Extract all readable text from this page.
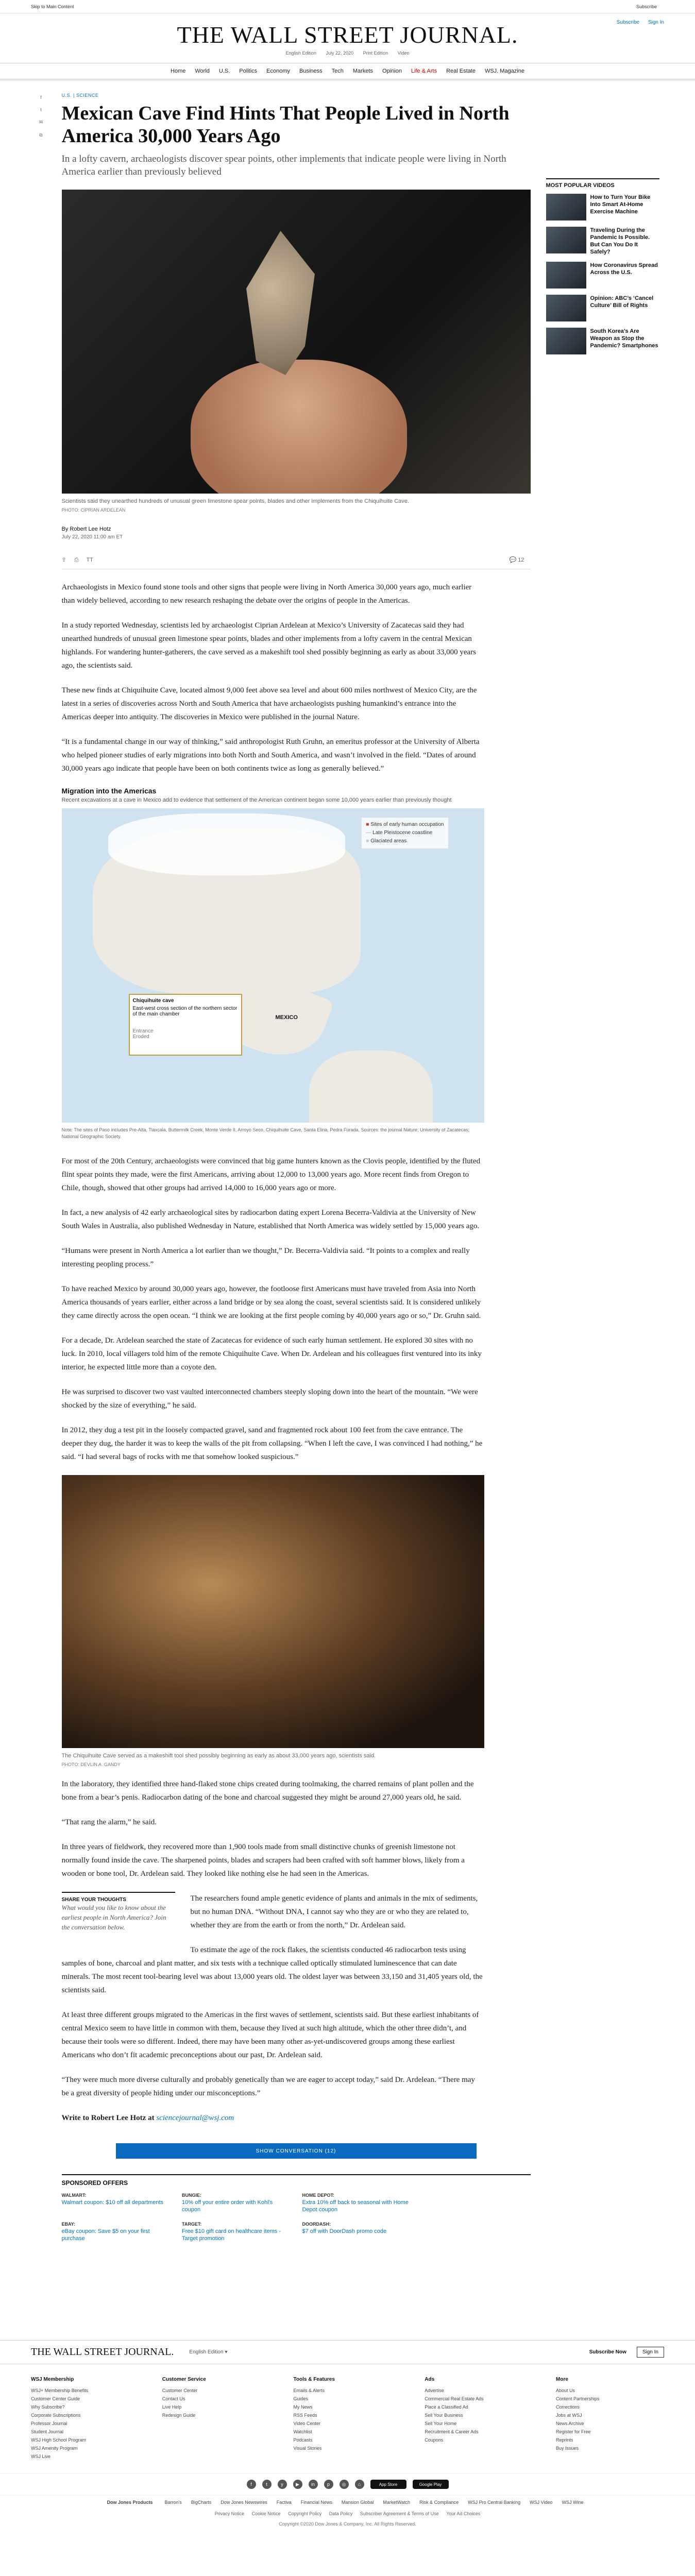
Skip to Main Content	Subscribe
THE WALL STREET JOURNAL.
English Edition July 22, 2020 Print Edition Video
Subscribe Sign In
Home World U.S. Politics Economy Business Tech Markets Opinion Life & Arts Real Estate WSJ. Magazine
f
t
✉
⧉
U.S. | SCIENCE
Mexican Cave Find Hints That People Lived in North America 30,000 Years Ago
In a lofty cavern, archaeologists discover spear points, other implements that indicate people were living in North America earlier than previously believed
Scientists said they unearthed hundreds of unusual green limestone spear points, blades and other implements from the Chiquihuite Cave.
PHOTO: CIPRIAN ARDELEAN
By Robert Lee Hotz
July 22, 2020 11:00 am ET
⇪ ⎙ TT	💬 12

Archaeologists in Mexico found stone tools and other signs that people were living in North America 30,000 years ago, much earlier than widely believed, according to new research reshaping the debate over the origins of people in the Americas.

In a study reported Wednesday, scientists led by archaeologist Ciprian Ardelean at Mexico’s University of Zacatecas said they had unearthed hundreds of unusual green limestone spear points, blades and other implements from a lofty cavern in the central Mexican highlands. For wandering hunter-gatherers, the cave served as a makeshift tool shed possibly beginning as early as about 33,000 years ago, the scientists said.

These new finds at Chiquihuite Cave, located almost 9,000 feet above sea level and about 600 miles northwest of Mexico City, are the latest in a series of discoveries across North and South America that have archaeologists pushing humankind’s entrance into the Americas deeper into antiquity. The discoveries in Mexico were published in the journal Nature.

“It is a fundamental change in our way of thinking,” said anthropologist Ruth Gruhn, an emeritus professor at the University of Alberta who helped pioneer studies of early migrations into both North and South America, and wasn’t involved in the field. “Dates of around 30,000 years ago indicate that people have been on both continents twice as long as generally believed.”

Migration into the Americas
Recent excavations at a cave in Mexico add to evidence that settlement of the American continent began some 10,000 years earlier than previously thought
■ Sites of early human occupation
— Late Pleistocene coastline
■ Glaciated areas
MEXICO
Chiquihuite cave
East-west cross section of the northern sector of the main chamber
Entrance
Eroded
Note: The sites of Paso includes Pre-Alta, Tlaxcala, Buttermilk Creek, Monte Verde II, Arroyo Seco, Chiquihuite Cave, Santa Elina, Pedra Furada. Sources: the journal Nature; University of Zacatecas; National Geographic Society.

For most of the 20th Century, archaeologists were convinced that big game hunters known as the Clovis people, identified by the fluted flint spear points they made, were the first Americans, arriving about 12,000 to 13,000 years ago. More recent finds from Oregon to Chile, though, showed that other groups had arrived 14,000 to 16,000 years ago or more.

In fact, a new analysis of 42 early archaeological sites by radiocarbon dating expert Lorena Becerra-Valdivia at the University of New South Wales in Australia, also published Wednesday in Nature, established that North America was widely settled by 15,000 years ago.

“Humans were present in North America a lot earlier than we thought,” Dr. Becerra-Valdivia said. “It points to a complex and really interesting peopling process.”

To have reached Mexico by around 30,000 years ago, however, the footloose first Americans must have traveled from Asia into North America thousands of years earlier, either across a land bridge or by sea along the coast, several scientists said. It is considered unlikely they came directly across the open ocean. “I think we are looking at the first people coming by 40,000 years ago or so,” Dr. Gruhn said.

For a decade, Dr. Ardelean searched the state of Zacatecas for evidence of such early human settlement. He explored 30 sites with no luck. In 2010, local villagers told him of the remote Chiquihuite Cave. When Dr. Ardelean and his colleagues first ventured into its inky interior, he expected little more than a coyote den.

He was surprised to discover two vast vaulted interconnected chambers steeply sloping down into the heart of the mountain. “We were shocked by the size of everything,” he said.

In 2012, they dug a test pit in the loosely compacted gravel, sand and fragmented rock about 100 feet from the cave entrance. The deeper they dug, the harder it was to keep the walls of the pit from collapsing. “When I left the cave, I was convinced I had nothing,” he said. “I had several bags of rocks with me that somehow looked suspicious.”

The Chiquihuite Cave served as a makeshift tool shed possibly beginning as early as about 33,000 years ago, scientists said.
PHOTO: DEVLIN A. GANDY

In the laboratory, they identified three hand-flaked stone chips created during toolmaking, the charred remains of plant pollen and the bone from a bear’s penis. Radiocarbon dating of the bone and charcoal suggested they might be around 27,000 years old, he said.

“That rang the alarm,” he said.

In three years of fieldwork, they recovered more than 1,900 tools made from small distinctive chunks of greenish limestone not normally found inside the cave. The sharpened points, blades and scrapers had been crafted with soft hammer blows, likely from a wooden or bone tool, Dr. Ardelean said. They looked like nothing else he had seen in the Americas.

SHARE YOUR THOUGHTS

What would you like to know about the earliest people in North America? Join the conversation below.

The researchers found ample genetic evidence of plants and animals in the mix of sediments, but no human DNA. “Without DNA, I cannot say who they are or who they are related to, whether they are from the earth or from the north,” Dr. Ardelean said.

To estimate the age of the rock flakes, the scientists conducted 46 radiocarbon tests using samples of bone, charcoal and plant matter, and six tests with a technique called optically stimulated luminescence that can date minerals. The most recent tool-bearing level was about 13,000 years old. The oldest layer was between 33,150 and 31,405 years old, the scientists said.

At least three different groups migrated to the Americas in the first waves of settlement, scientists said. But these earliest inhabitants of central Mexico seem to have little in common with them, because they lived at such high altitude, which the other three didn’t, and because their tools were so different. Indeed, there may have been many other as-yet-undiscovered groups among these earliest Americans who don’t fit academic preconceptions about our past, Dr. Ardelean said.

“They were much more diverse culturally and probably genetically than we are eager to accept today,” said Dr. Ardelean. “There may be a great diversity of people hiding under our misconceptions.”

Write to Robert Lee Hotz at sciencejournal@wsj.com

SHOW CONVERSATION (12)
SPONSORED OFFERS
WALMART:
Walmart coupon: $10 off all departments
BUNGIE:
10% off your entire order with Kohl’s coupon
HOME DEPOT:
Extra 10% off back to seasonal with Home Depot coupon
EBAY:
eBay coupon: Save $5 on your first purchase
TARGET:
Free $10 gift card on healthcare items - Target promotion
DOORDASH:
$7 off with DoorDash promo code
MOST POPULAR VIDEOS
How to Turn Your Bike Into Smart At-Home Exercise Machine
Traveling During the Pandemic Is Possible. But Can You Do It Safely?
How Coronavirus Spread Across the U.S.
Opinion: ABC’s ‘Cancel Culture’ Bill of Rights
South Korea’s Are Weapon as Stop the Pandemic? Smartphones
THE WALL STREET JOURNAL.	English Edition ▾	Subscribe Now	Sign In
WSJ Membership
WSJ+ Membership Benefits
Customer Center Guide
Why Subscribe?
Corporate Subscriptions
Professor Journal
Student Journal
WSJ High School Program
WSJ Amenity Program
WSJ Live
Customer Service
Customer Center
Contact Us
Live Help
Redesign Guide
Tools & Features
Emails & Alerts
Guides
My News
RSS Feeds
Video Center
Watchlist
Podcasts
Visual Stories
Ads
Advertise
Commercial Real Estate Ads
Place a Classified Ad
Sell Your Business
Sell Your Home
Recruitment & Career Ads
Coupons
More
About Us
Content Partnerships
Corrections
Jobs at WSJ
News Archive
Register for Free
Reprints
Buy Issues
f	t	y	▶	in	p	◎	⌂	App Store	Google Play
Dow Jones Products	Barron's BigCharts Dow Jones Newswires Factiva Financial News Mansion Global MarketWatch Risk & Compliance WSJ Pro Central Banking WSJ Video WSJ Wine
Privacy Notice Cookie Notice Copyright Policy Data Policy Subscriber Agreement & Terms of Use Your Ad Choices
Copyright ©2020 Dow Jones & Company, Inc. All Rights Reserved.
